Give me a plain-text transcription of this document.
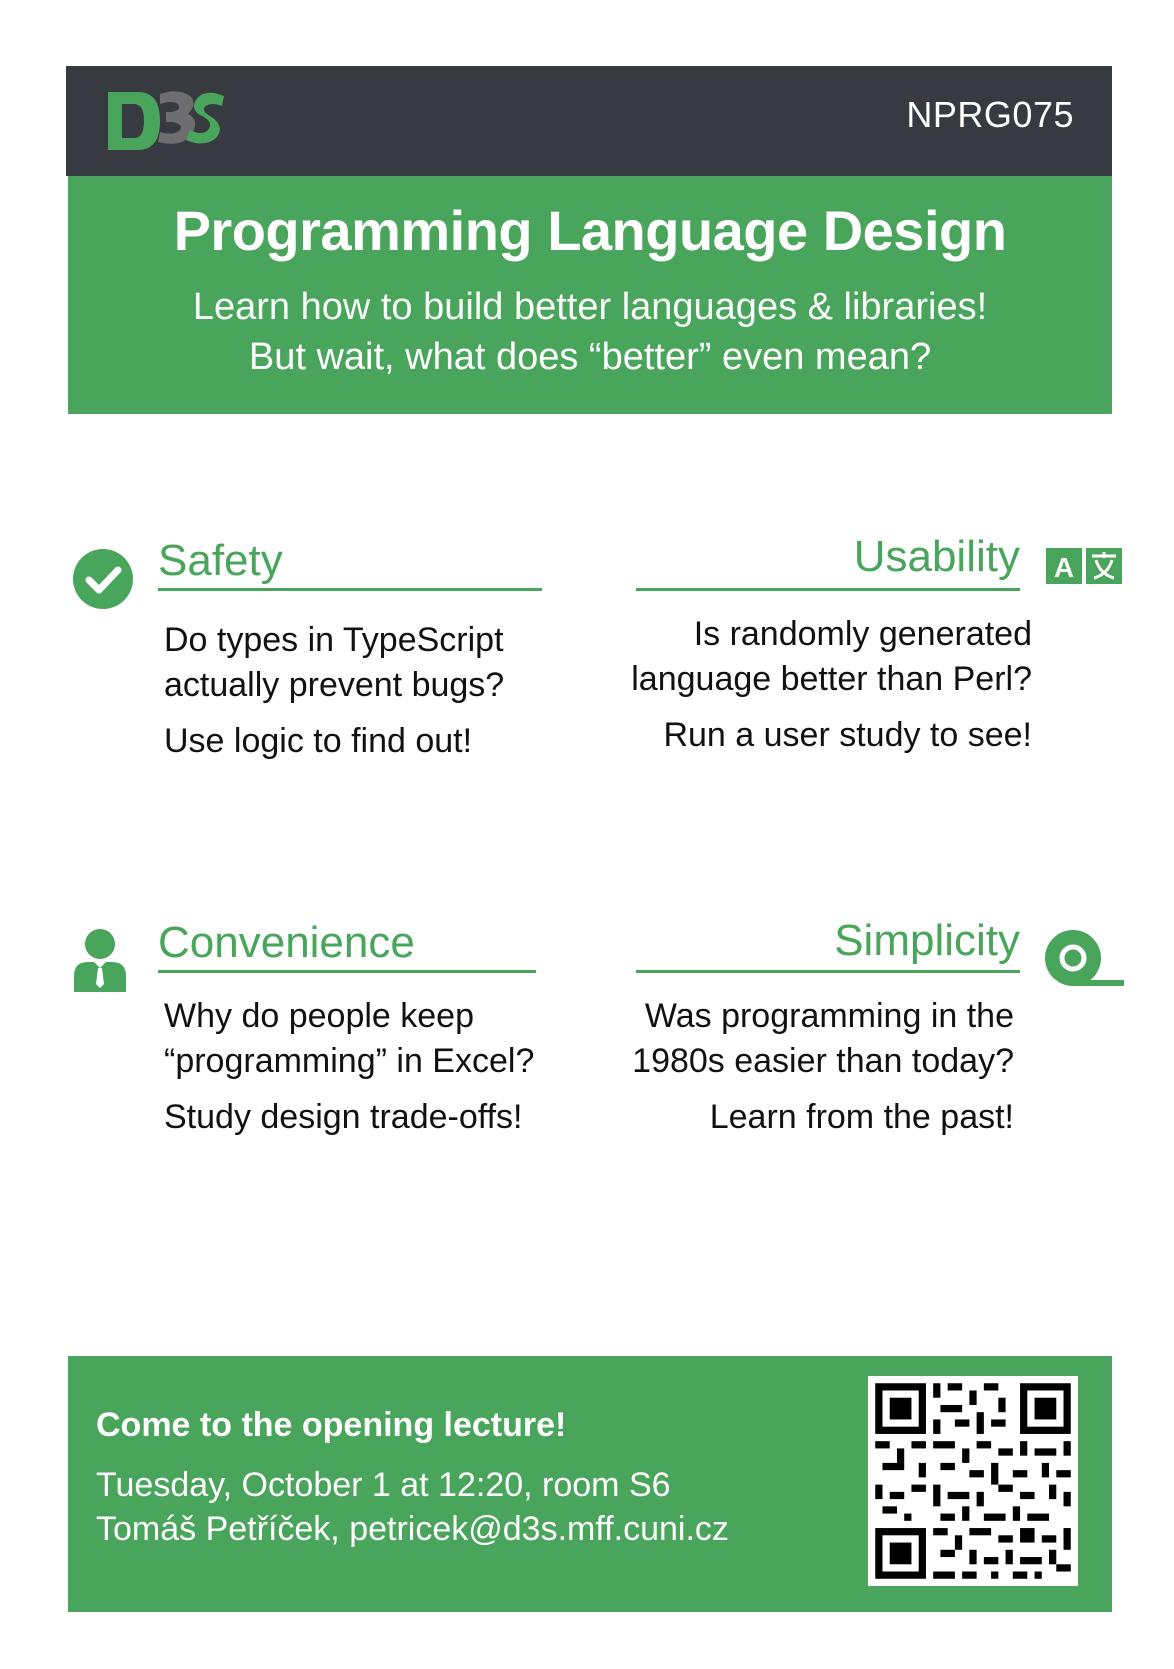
NPRG075
Programming Language Design
Learn how to build better languages & libraries!
But wait, what does “better” even mean?
Safety
Do types in TypeScript
actually prevent bugs?
Use logic to find out!
Usability A
Is randomly generated
language better than Perl?
Run a user study to see!
Convenience
Why do people keep
“programming” in Excel?
Study design trade-offs!
Simplicity
Was programming in the
1980s easier than today?
Learn from the past!
Come to the opening lecture!
Tuesday, October 1 at 12:20, room S6
Tomáš Petříček, petricek@d3s.mff.cuni.cz
